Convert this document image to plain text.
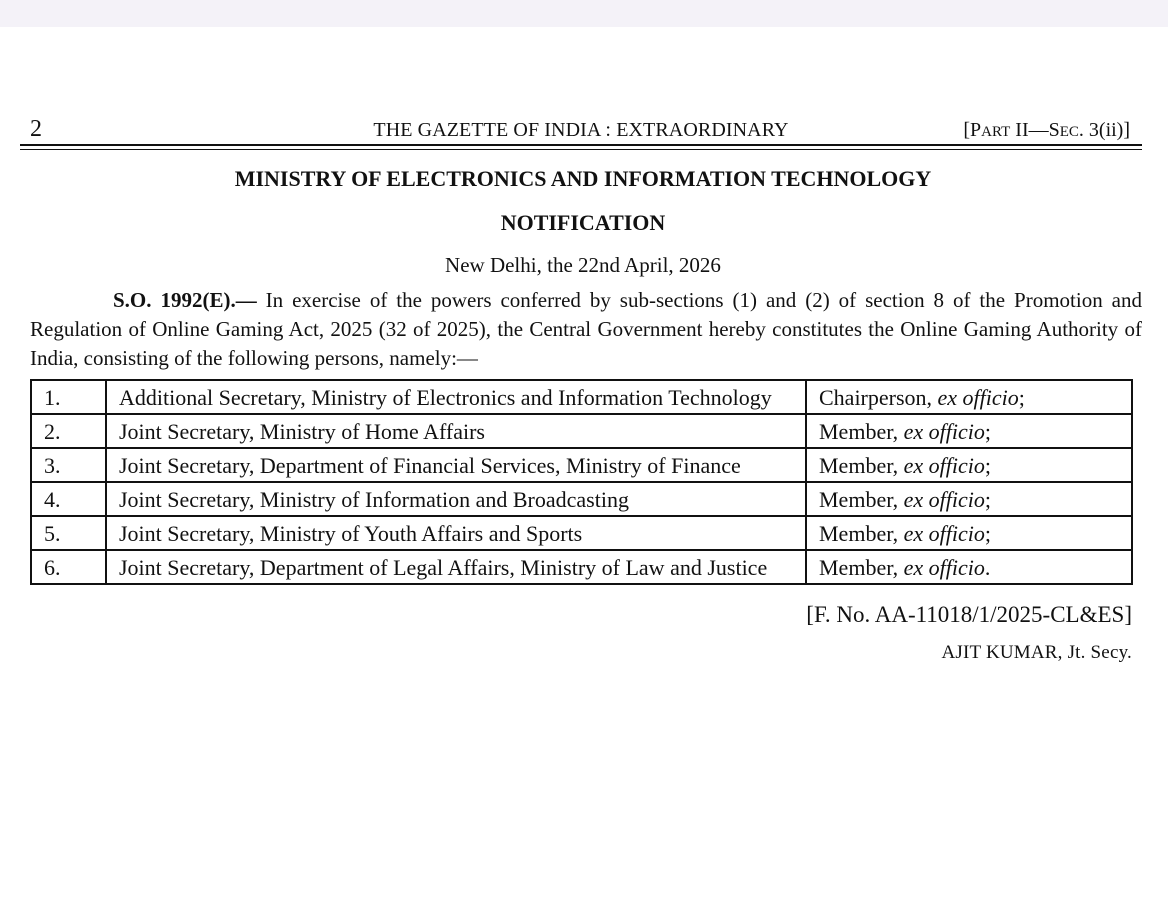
2	THE GAZETTE OF INDIA : EXTRAORDINARY	[PART II—SEC. 3(ii)]
MINISTRY OF ELECTRONICS AND INFORMATION TECHNOLOGY
NOTIFICATION
New Delhi, the 22nd April, 2026

S.O. 1992(E).— In exercise of the powers conferred by sub-sections (1) and (2) of section 8 of the Promotion and Regulation of Online Gaming Act, 2025 (32 of 2025), the Central Government hereby constitutes the Online Gaming Authority of India, consisting of the following persons, namely:—

1.	Additional Secretary, Ministry of Electronics and Information Technology	Chairperson, ex officio;
2.	Joint Secretary, Ministry of Home Affairs	Member, ex officio;
3.	Joint Secretary, Department of Financial Services, Ministry of Finance	Member, ex officio;
4.	Joint Secretary, Ministry of Information and Broadcasting	Member, ex officio;
5.	Joint Secretary, Ministry of Youth Affairs and Sports	Member, ex officio;
6.	Joint Secretary, Department of Legal Affairs, Ministry of Law and Justice	Member, ex officio.
[F. No. AA-11018/1/2025-CL&ES]
AJIT KUMAR, Jt. Secy.
